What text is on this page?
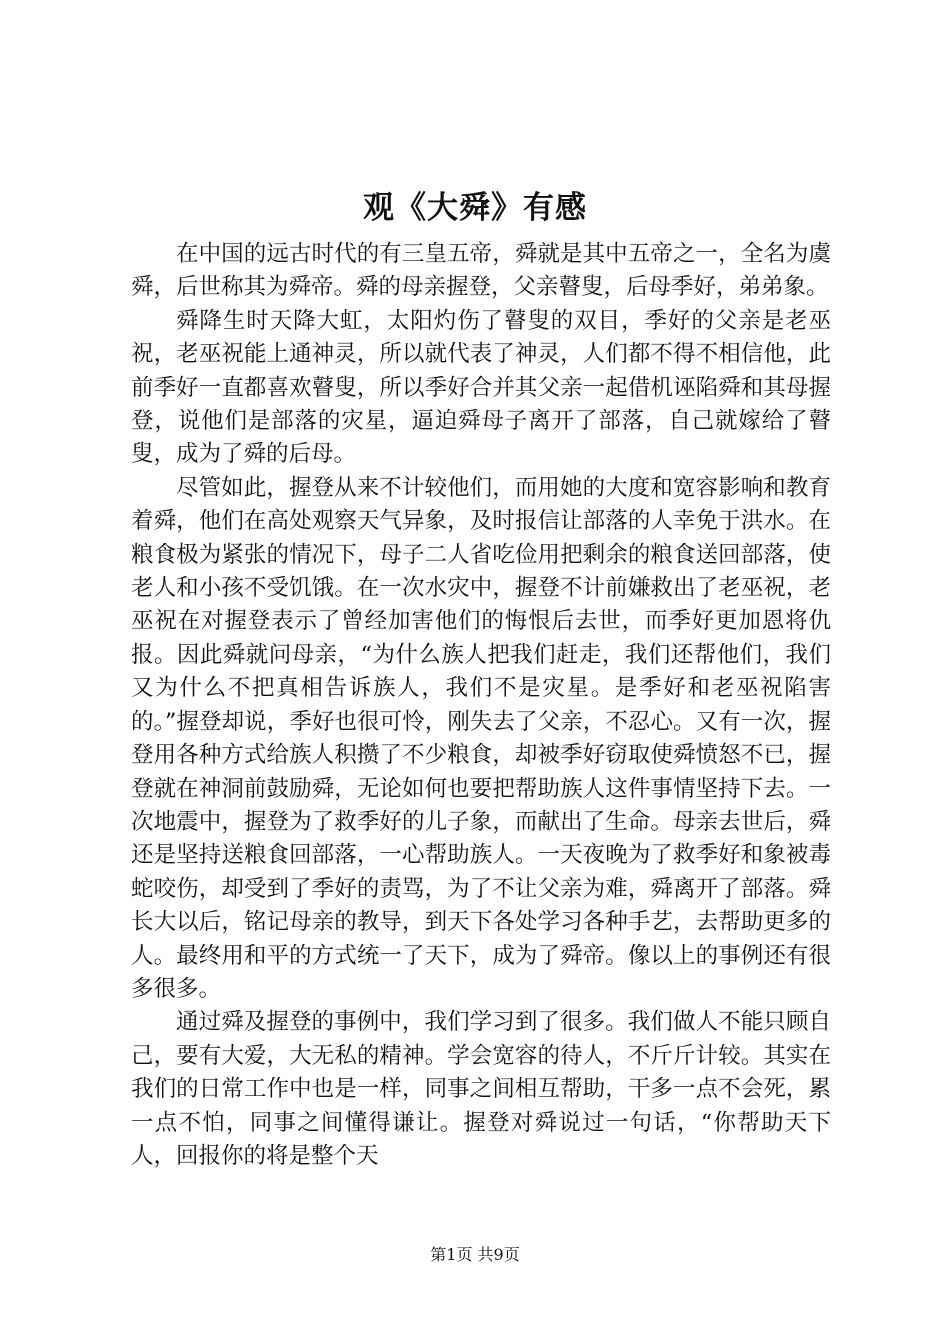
观《大舜》有感

在中国的远古时代的有三皇五帝，舜就是其中五帝之一，全名为虞舜，后世称其为舜帝。舜的母亲握登，父亲瞽叟，后母季好，弟弟象。

舜降生时天降大虹，太阳灼伤了瞽叟的双目，季好的父亲是老巫祝，老巫祝能上通神灵，所以就代表了神灵，人们都不得不相信他，此前季好一直都喜欢瞽叟，所以季好合并其父亲一起借机诬陷舜和其母握登，说他们是部落的灾星，逼迫舜母子离开了部落，自己就嫁给了瞽叟，成为了舜的后母。

尽管如此，握登从来不计较他们，而用她的大度和宽容影响和教育着舜，他们在高处观察天气异象，及时报信让部落的人幸免于洪水。在粮食极为紧张的情况下，母子二人省吃俭用把剩余的粮食送回部落，使老人和小孩不受饥饿。在一次水灾中，握登不计前嫌救出了老巫祝，老巫祝在对握登表示了曾经加害他们的悔恨后去世，而季好更加恩将仇报。因此舜就问母亲，“为什么族人把我们赶走，我们还帮他们，我们又为什么不把真相告诉族人，我们不是灾星。是季好和老巫祝陷害的。”握登却说，季好也很可怜，刚失去了父亲，不忍心。又有一次，握登用各种方式给族人积攒了不少粮食，却被季好窃取使舜愤怒不已，握登就在神洞前鼓励舜，无论如何也要把帮助族人这件事情坚持下去。一次地震中，握登为了救季好的儿子象，而献出了生命。母亲去世后，舜还是坚持送粮食回部落，一心帮助族人。一天夜晚为了救季好和象被毒蛇咬伤，却受到了季好的责骂，为了不让父亲为难，舜离开了部落。舜长大以后，铭记母亲的教导，到天下各处学习各种手艺，去帮助更多的人。最终用和平的方式统一了天下，成为了舜帝。像以上的事例还有很多很多。

通过舜及握登的事例中，我们学习到了很多。我们做人不能只顾自己，要有大爱，大无私的精神。学会宽容的待人，不斤斤计较。其实在我们的日常工作中也是一样，同事之间相互帮助，干多一点不会死，累一点不怕，同事之间懂得谦让。握登对舜说过一句话，“你帮助天下人，回报你的将是整个天

第1页 共9页
